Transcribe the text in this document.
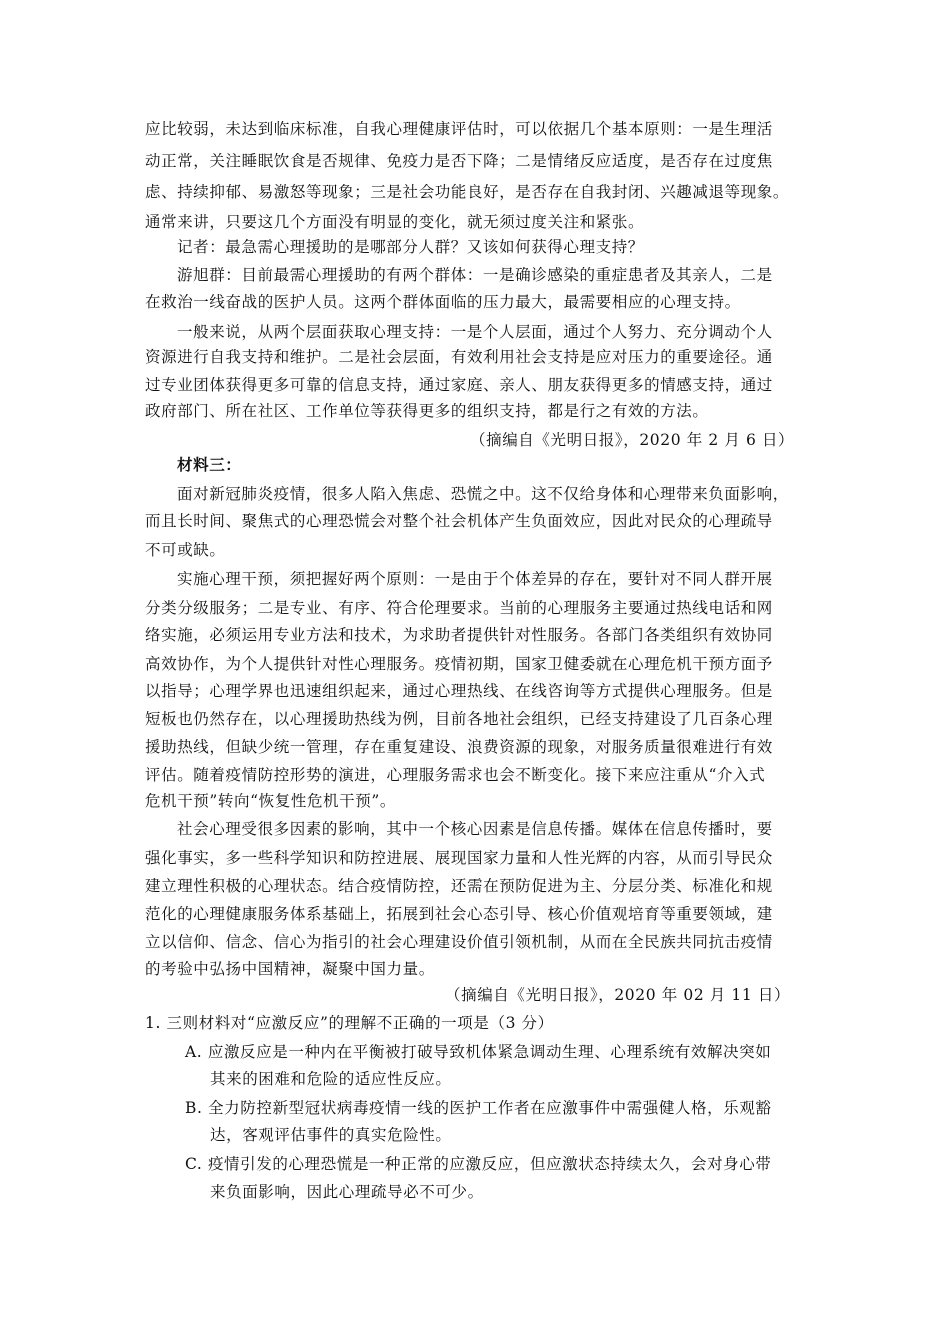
应比较弱，未达到临床标准，自我心理健康评估时，可以依据几个基本原则：一是生理活
动正常，关注睡眠饮食是否规律、免疫力是否下降；二是情绪反应适度，是否存在过度焦
虑、持续抑郁、易激怒等现象；三是社会功能良好，是否存在自我封闭、兴趣减退等现象。
通常来讲，只要这几个方面没有明显的变化，就无须过度关注和紧张。
记者：最急需心理援助的是哪部分人群？又该如何获得心理支持？
游旭群：目前最需心理援助的有两个群体：一是确诊感染的重症患者及其亲人，二是
在救治一线奋战的医护人员。这两个群体面临的压力最大，最需要相应的心理支持。
一般来说，从两个层面获取心理支持：一是个人层面，通过个人努力、充分调动个人
资源进行自我支持和维护。二是社会层面，有效利用社会支持是应对压力的重要途径。通
过专业团体获得更多可靠的信息支持，通过家庭、亲人、朋友获得更多的情感支持，通过
政府部门、所在社区、工作单位等获得更多的组织支持，都是行之有效的方法。
（摘编自《光明日报》，2020 年 2 月 6 日）
材料三：
面对新冠肺炎疫情，很多人陷入焦虑、恐慌之中。这不仅给身体和心理带来负面影响，
而且长时间、聚焦式的心理恐慌会对整个社会机体产生负面效应，因此对民众的心理疏导
不可或缺。
实施心理干预，须把握好两个原则：一是由于个体差异的存在，要针对不同人群开展
分类分级服务；二是专业、有序、符合伦理要求。当前的心理服务主要通过热线电话和网
络实施，必须运用专业方法和技术，为求助者提供针对性服务。各部门各类组织有效协同
高效协作，为个人提供针对性心理服务。疫情初期，国家卫健委就在心理危机干预方面予
以指导；心理学界也迅速组织起来，通过心理热线、在线咨询等方式提供心理服务。但是
短板也仍然存在，以心理援助热线为例，目前各地社会组织，已经支持建设了几百条心理
援助热线，但缺少统一管理，存在重复建设、浪费资源的现象，对服务质量很难进行有效
评估。随着疫情防控形势的演进，心理服务需求也会不断变化。接下来应注重从“介入式
危机干预”转向“恢复性危机干预”。
社会心理受很多因素的影响，其中一个核心因素是信息传播。媒体在信息传播时，要
强化事实，多一些科学知识和防控进展、展现国家力量和人性光辉的内容，从而引导民众
建立理性积极的心理状态。结合疫情防控，还需在预防促进为主、分层分类、标准化和规
范化的心理健康服务体系基础上，拓展到社会心态引导、核心价值观培育等重要领域，建
立以信仰、信念、信心为指引的社会心理建设价值引领机制，从而在全民族共同抗击疫情
的考验中弘扬中国精神，凝聚中国力量。
（摘编自《光明日报》，2020 年 02 月 11 日）
1. 三则材料对“应激反应”的理解不正确的一项是（3 分）
A. 应激反应是一种内在平衡被打破导致机体紧急调动生理、心理系统有效解决突如
其来的困难和危险的适应性反应。
B. 全力防控新型冠状病毒疫情一线的医护工作者在应激事件中需强健人格，乐观豁
达，客观评估事件的真实危险性。
C. 疫情引发的心理恐慌是一种正常的应激反应，但应激状态持续太久，会对身心带
来负面影响，因此心理疏导必不可少。
